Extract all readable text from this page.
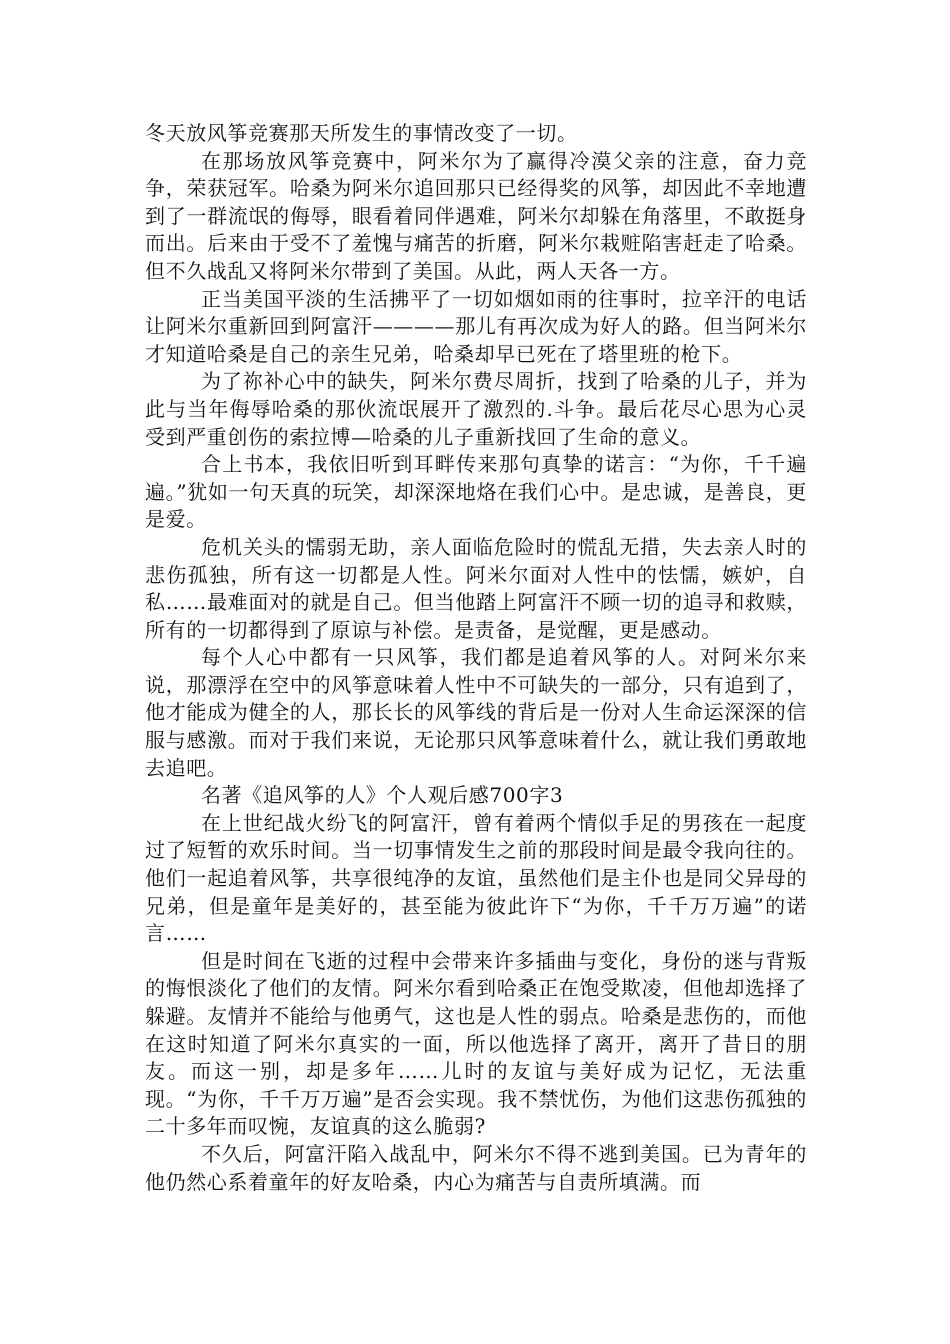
冬天放风筝竞赛那天所发生的事情改变了一切。

在那场放风筝竞赛中，阿米尔为了赢得冷漠父亲的注意，奋力竞争，荣获冠军。哈桑为阿米尔追回那只已经得奖的风筝，却因此不幸地遭到了一群流氓的侮辱，眼看着同伴遇难，阿米尔却躲在角落里，不敢挺身而出。后来由于受不了羞愧与痛苦的折磨，阿米尔栽赃陷害赶走了哈桑。但不久战乱又将阿米尔带到了美国。从此，两人天各一方。

正当美国平淡的生活拂平了一切如烟如雨的往事时，拉辛汗的电话让阿米尔重新回到阿富汗————那儿有再次成为好人的路。但当阿米尔才知道哈桑是自己的亲生兄弟，哈桑却早已死在了塔里班的枪下。

为了祢补心中的缺失，阿米尔费尽周折，找到了哈桑的儿子，并为此与当年侮辱哈桑的那伙流氓展开了激烈的.斗争。最后花尽心思为心灵受到严重创伤的索拉博—哈桑的儿子重新找回了生命的意义。

合上书本，我依旧听到耳畔传来那句真挚的诺言：“为你，千千遍遍。”犹如一句天真的玩笑，却深深地烙在我们心中。是忠诚，是善良，更是爱。

危机关头的懦弱无助，亲人面临危险时的慌乱无措，失去亲人时的悲伤孤独，所有这一切都是人性。阿米尔面对人性中的怯懦，嫉妒，自私……最难面对的就是自己。但当他踏上阿富汗不顾一切的追寻和救赎，所有的一切都得到了原谅与补偿。是责备，是觉醒，更是感动。

每个人心中都有一只风筝，我们都是追着风筝的人。对阿米尔来说，那漂浮在空中的风筝意味着人性中不可缺失的一部分，只有追到了，他才能成为健全的人，那长长的风筝线的背后是一份对人生命运深深的信服与感激。而对于我们来说，无论那只风筝意味着什么，就让我们勇敢地去追吧。

名著《追风筝的人》个人观后感700字3

在上世纪战火纷飞的阿富汗，曾有着两个情似手足的男孩在一起度过了短暂的欢乐时间。当一切事情发生之前的那段时间是最令我向往的。他们一起追着风筝，共享很纯净的友谊，虽然他们是主仆也是同父异母的兄弟，但是童年是美好的，甚至能为彼此许下“为你，千千万万遍”的诺言……

但是时间在飞逝的过程中会带来许多插曲与变化，身份的迷与背叛的悔恨淡化了他们的友情。阿米尔看到哈桑正在饱受欺凌，但他却选择了躲避。友情并不能给与他勇气，这也是人性的弱点。哈桑是悲伤的，而他在这时知道了阿米尔真实的一面，所以他选择了离开，离开了昔日的朋友。而这一别，却是多年……儿时的友谊与美好成为记忆，无法重现。“为你，千千万万遍”是否会实现。我不禁忧伤，为他们这悲伤孤独的二十多年而叹惋，友谊真的这么脆弱?

不久后，阿富汗陷入战乱中，阿米尔不得不逃到美国。已为青年的他仍然心系着童年的好友哈桑，内心为痛苦与自责所填满。而
